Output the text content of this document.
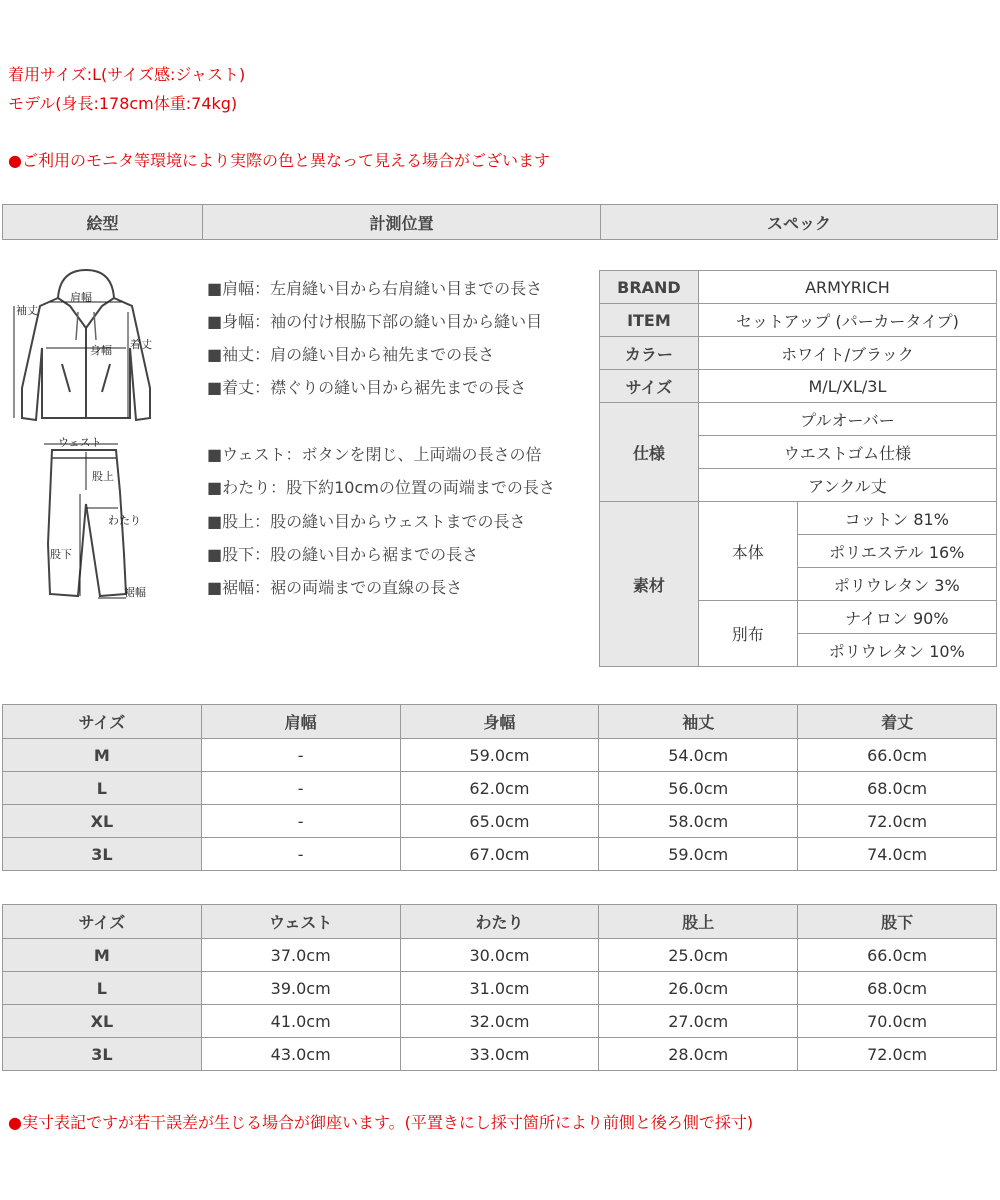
着用サイズ:L(サイズ感:ジャスト)
モデル(身長:178cm体重:74kg)
●ご利用のモニタ等環境により実際の色と異なって見える場合がございます
絵型	計測位置	スペック
肩幅
身幅
袖丈
着丈
ウェスト
股上
わたり
股下
裾幅
■肩幅：左肩縫い目から右肩縫い目までの長さ
■身幅：袖の付け根脇下部の縫い目から縫い目
■袖丈：肩の縫い目から袖先までの長さ
■着丈：襟ぐりの縫い目から裾先までの長さ
■ウェスト：ボタンを閉じ、上両端の長さの倍
■わたり：股下約10cmの位置の両端までの長さ
■股上：股の縫い目からウェストまでの長さ
■股下：股の縫い目から裾までの長さ
■裾幅：裾の両端までの直線の長さ
BRAND	ARMYRICH	
ITEM	セットアップ (パーカータイプ)	
カラー	ホワイト/ブラック	
サイズ	M/L/XL/3L	
仕様	プルオーバー	
	ウエストゴム仕様	
	アンクル丈	
素材	本体	コットン 81%
		ポリエステル 16%
		ポリウレタン 3%
	別布	ナイロン 90%
		ポリウレタン 10%
サイズ	肩幅	身幅	袖丈	着丈
M	-	59.0cm	54.0cm	66.0cm
L	-	62.0cm	56.0cm	68.0cm
XL	-	65.0cm	58.0cm	72.0cm
3L	-	67.0cm	59.0cm	74.0cm
サイズ	ウェスト	わたり	股上	股下
M	37.0cm	30.0cm	25.0cm	66.0cm
L	39.0cm	31.0cm	26.0cm	68.0cm
XL	41.0cm	32.0cm	27.0cm	70.0cm
3L	43.0cm	33.0cm	28.0cm	72.0cm
●実寸表記ですが若干誤差が生じる場合が御座います。(平置きにし採寸箇所により前側と後ろ側で採寸)
